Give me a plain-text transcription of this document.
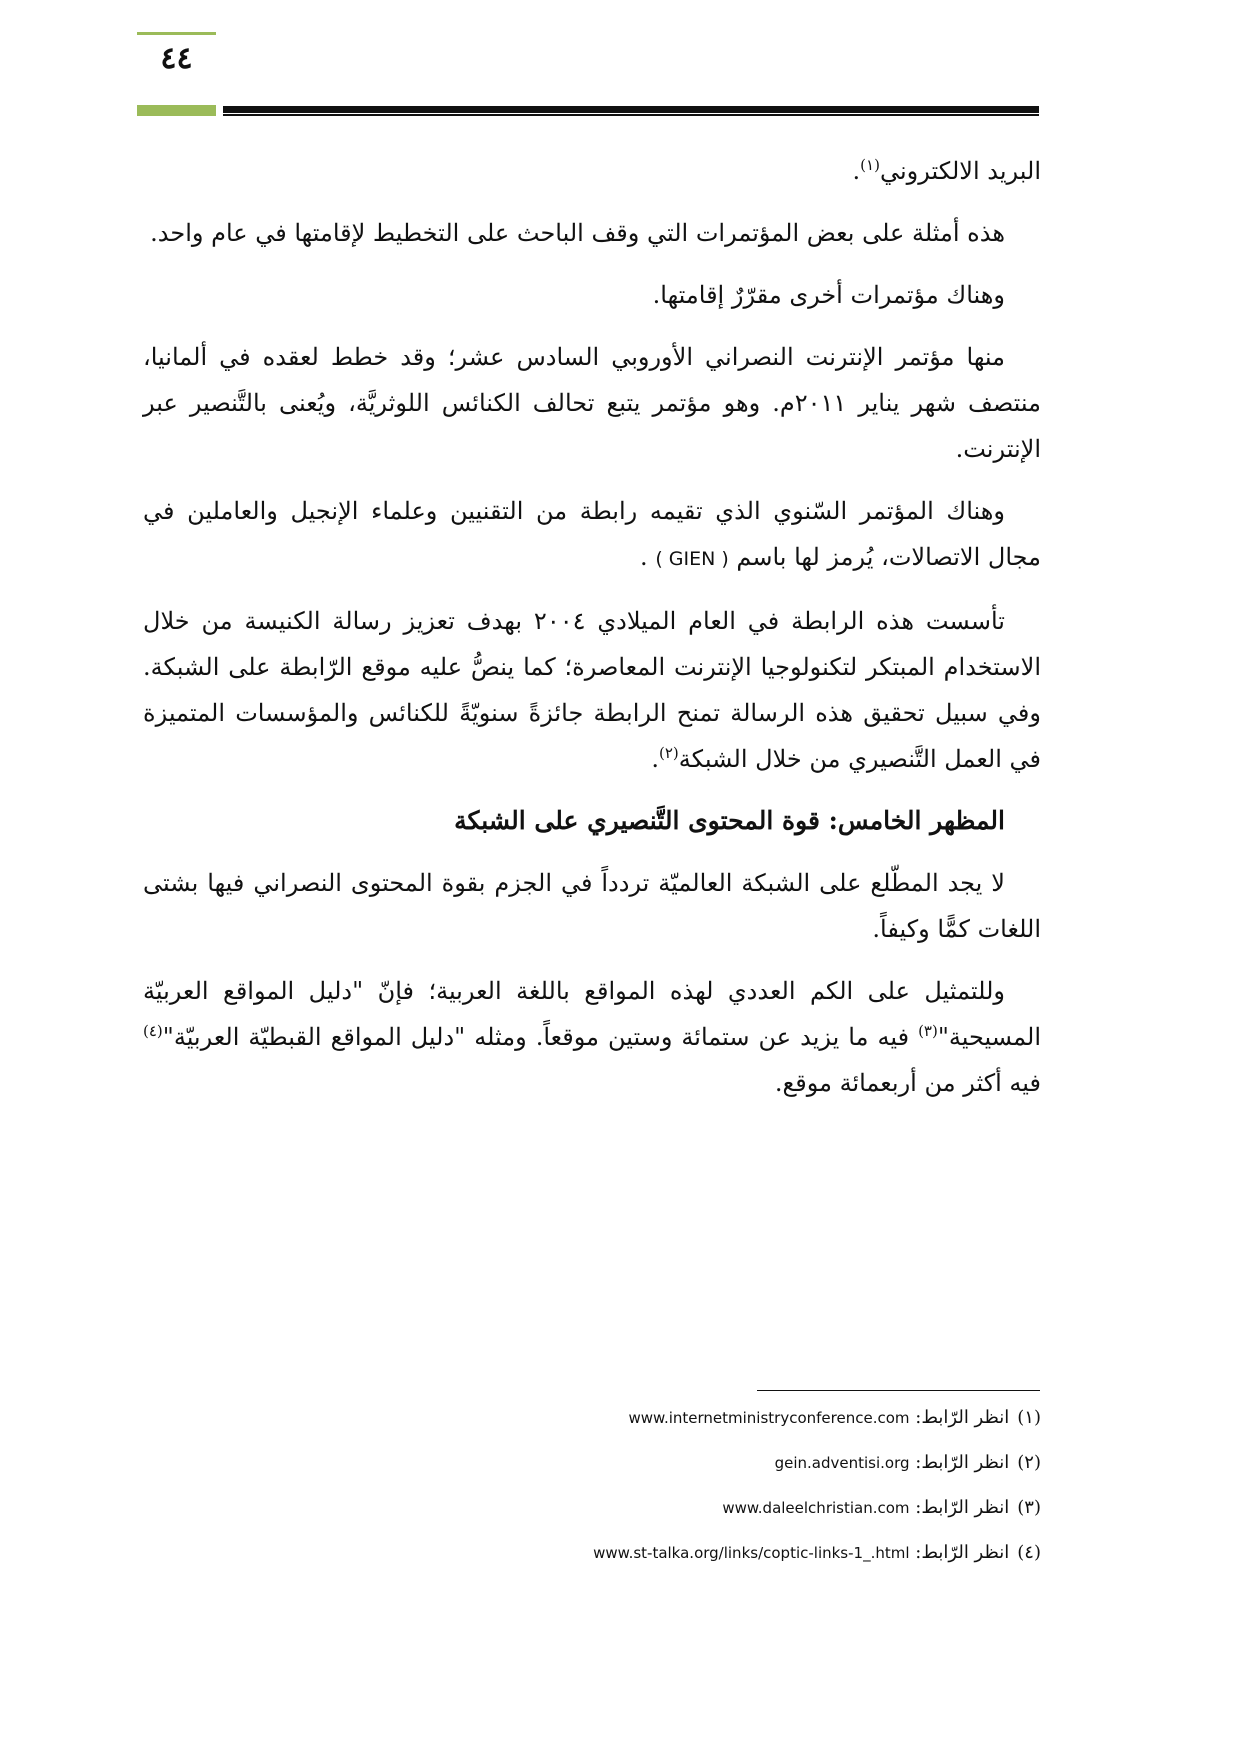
٤٤

البريد الالكتروني$^{(١)}$.

هذه أمثلة على بعض المؤتمرات التي وقف الباحث على التخطيط لإقامتها في عام واحد.

وهناك مؤتمرات أخرى مقرّرٌ إقامتها.

منها مؤتمر الإنترنت النصراني الأوروبي السادس عشر؛ وقد خطط لعقده في ألمانيا، منتصف شهر يناير ٢٠١١م. وهو مؤتمر يتبع تحالف الكنائس اللوثريَّة، ويُعنى بالتَّنصير عبر الإنترنت.

وهناك المؤتمر السّنوي الذي تقيمه رابطة من التقنيين وعلماء الإنجيل والعاملين في مجال الاتصالات، يُرمز لها باسم ( GIEN ) .

تأسست هذه الرابطة في العام الميلادي ٢٠٠٤ بهدف تعزيز رسالة الكنيسة من خلال الاستخدام المبتكر لتكنولوجيا الإنترنت المعاصرة؛ كما ينصُّ عليه موقع الرّابطة على الشبكة. وفي سبيل تحقيق هذه الرسالة تمنح الرابطة جائزةً سنويّةً للكنائس والمؤسسات المتميزة في العمل التَّنصيري من خلال الشبكة$^{(٢)}$.

المظهر الخامس: قوة المحتوى التَّنصيري على الشبكة

لا يجد المطّلع على الشبكة العالميّة تردداً في الجزم بقوة المحتوى النصراني فيها بشتى اللغات كمًّا وكيفاً.

وللتمثيل على الكم العددي لهذه المواقع باللغة العربية؛ فإنّ "دليل المواقع العربيّة المسيحية"$^{(٣)}$ فيه ما يزيد عن ستمائة وستين موقعاً. ومثله "دليل المواقع القبطيّة العربيّة"$^{(٤)}$ فيه أكثر من أربعمائة موقع.

(١)انظر الرّابط: www.internetministryconference.com
(٢)انظر الرّابط: gein.adventisi.org
(٣)انظر الرّابط: www.daleelchristian.com
(٤)انظر الرّابط: www.st-talka.org/links/coptic-links-1_.html
